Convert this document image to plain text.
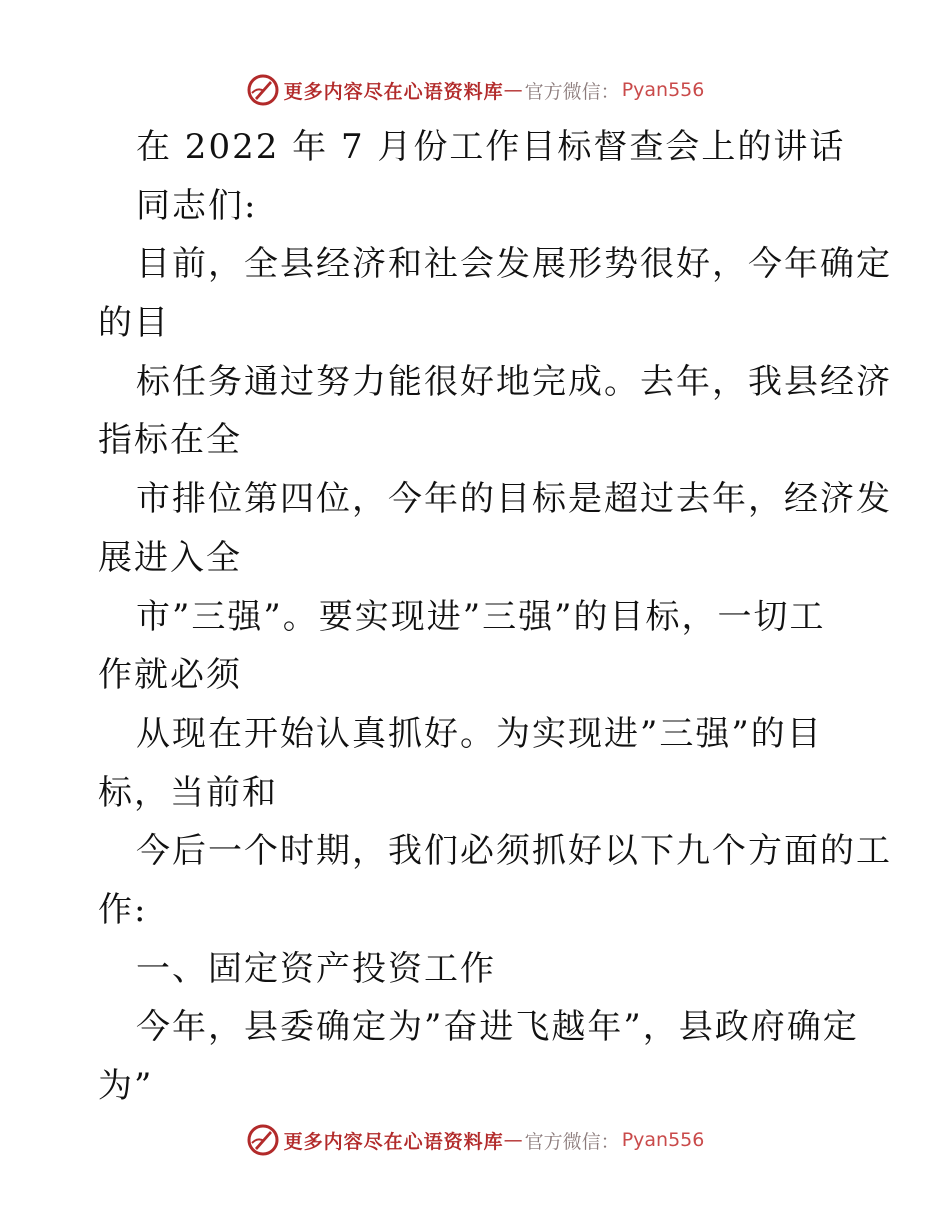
更多内容尽在心语资料库 — 官方微信： Pyan556
在 2022 年 7 月份工作目标督查会上的讲话
同志们:
目前，全县经济和社会发展形势很好，今年确定
的目
标任务通过努力能很好地完成。去年，我县经济
指标在全
市排位第四位，今年的目标是超过去年，经济发
展进入全
市”三强”。要实现进”三强”的目标，一切工
作就必须
从现在开始认真抓好。为实现进”三强”的目
标，当前和
今后一个时期，我们必须抓好以下九个方面的工
作:
一、固定资产投资工作
今年，县委确定为”奋进飞越年”，县政府确定
为”
更多内容尽在心语资料库 — 官方微信： Pyan556
